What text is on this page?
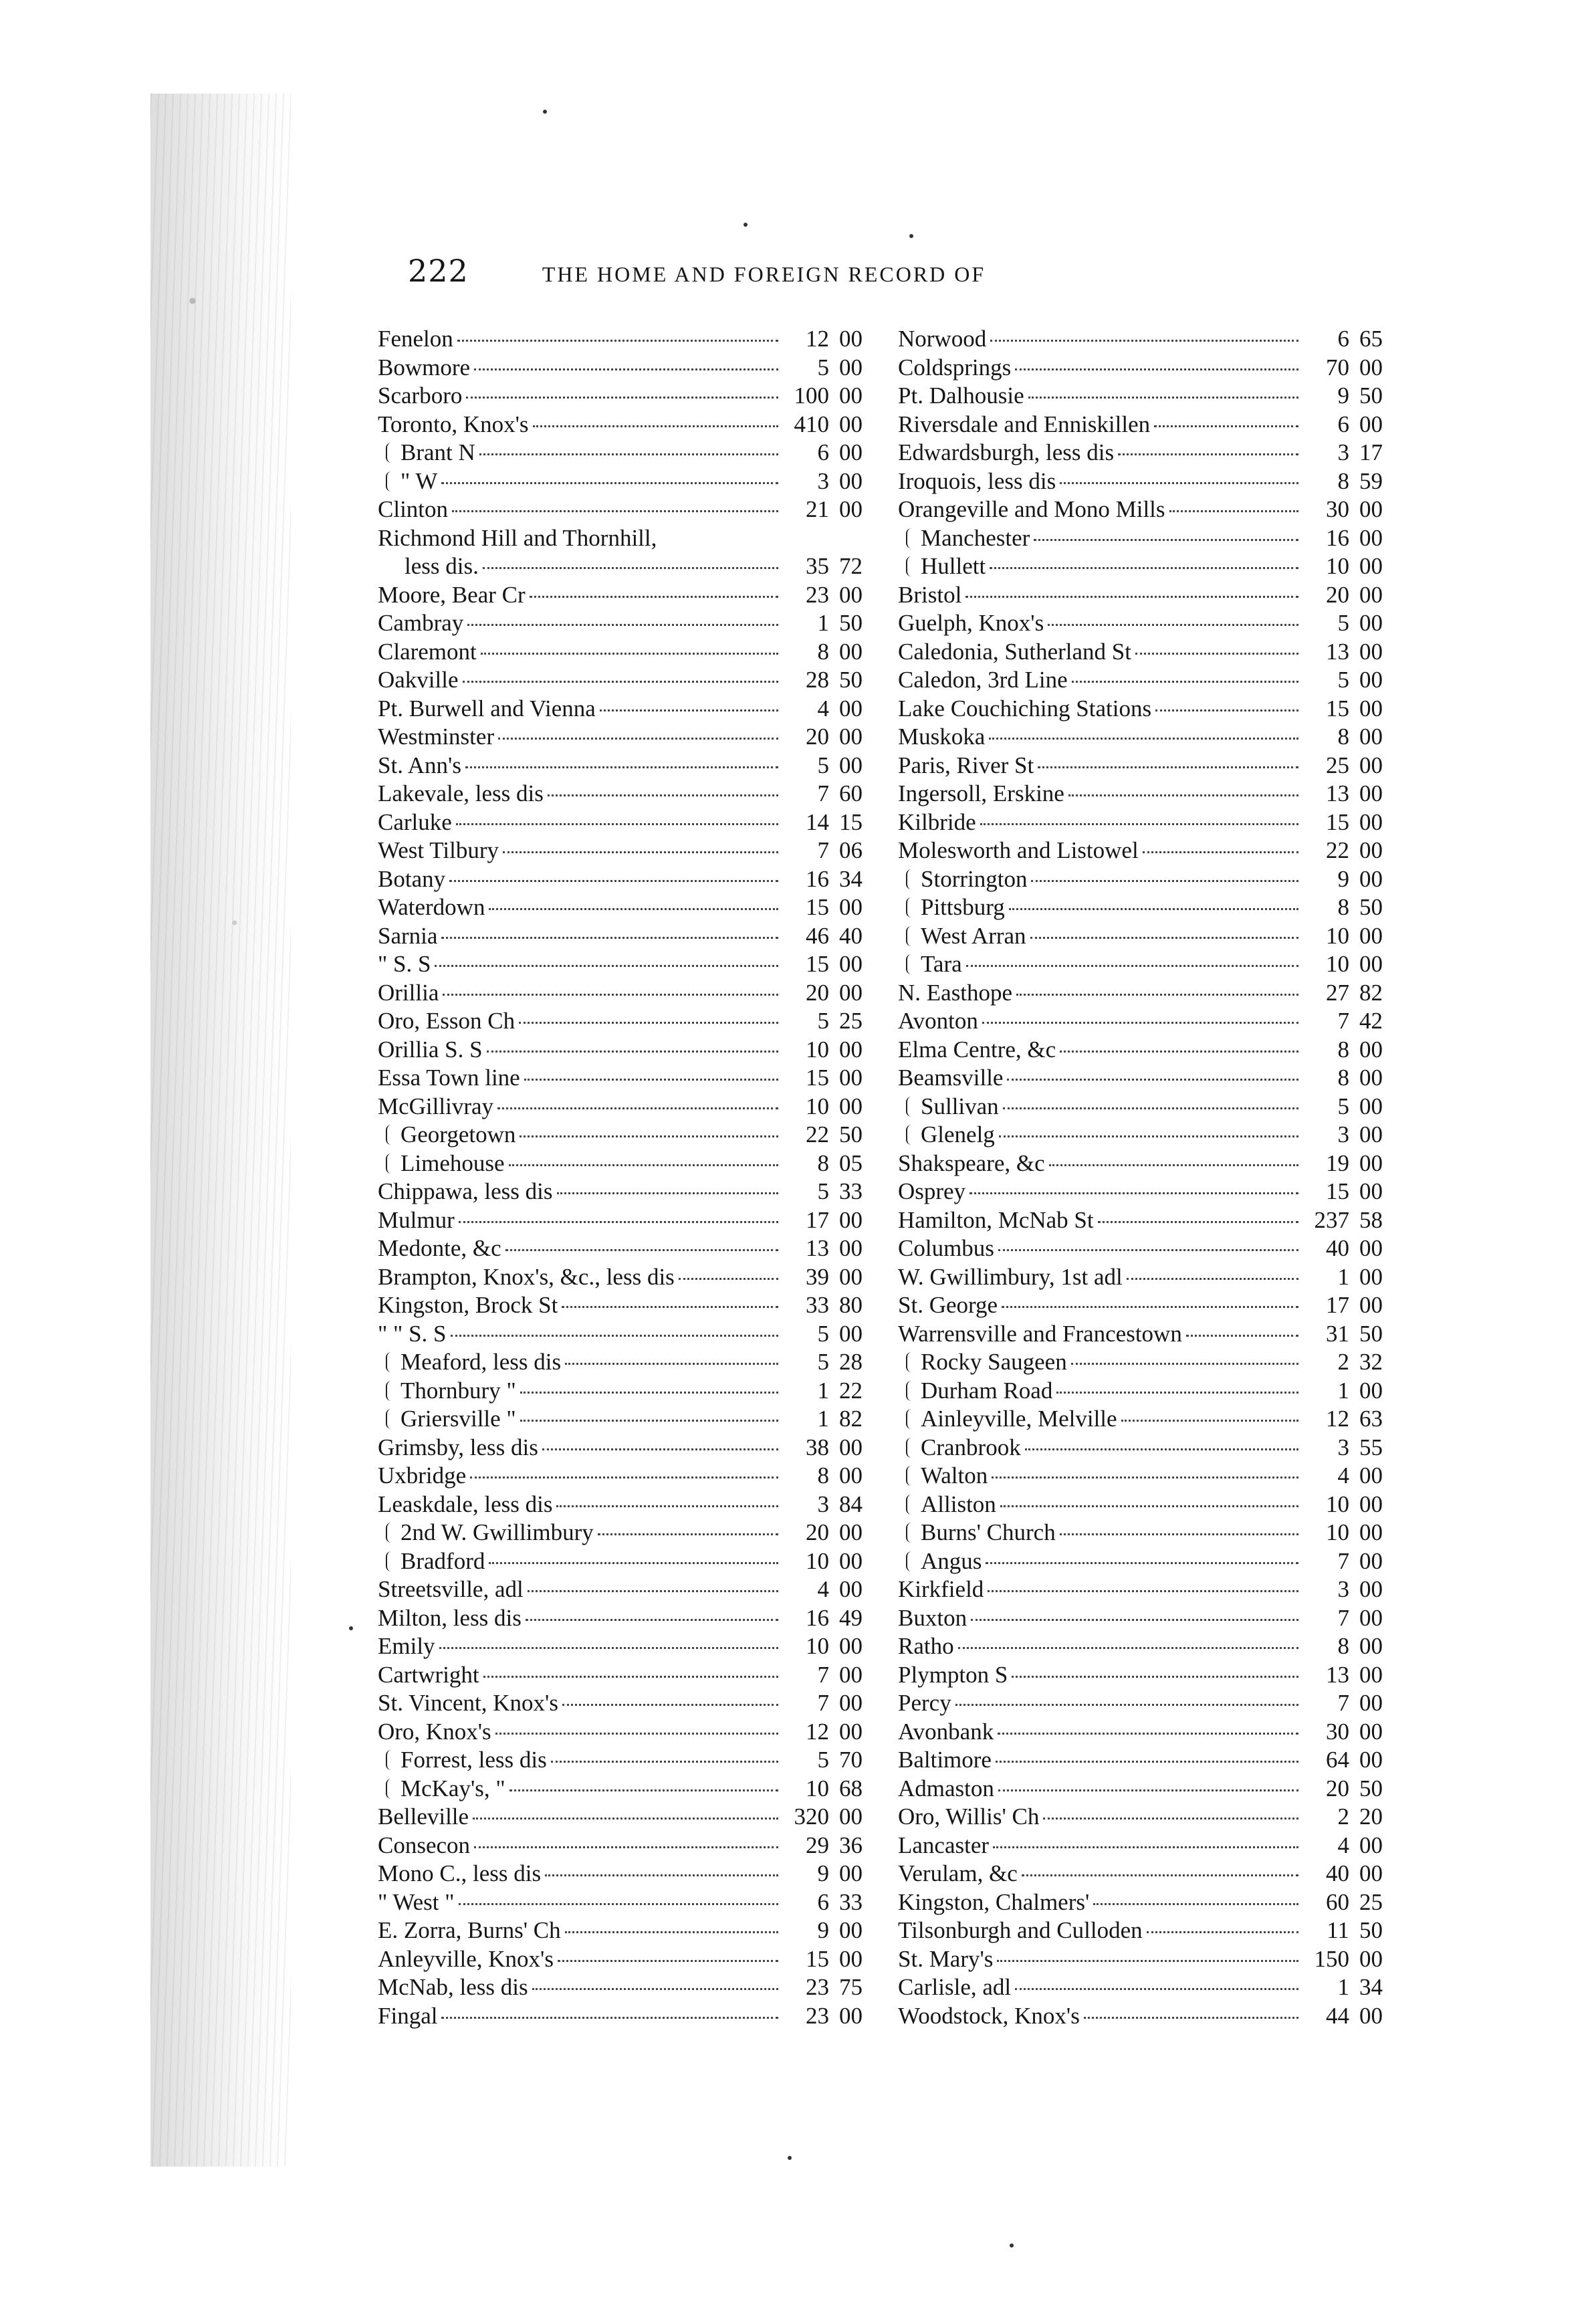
222	THE HOME AND FOREIGN RECORD OF
Fenelon	12 00
Bowmore	5 00
Scarboro	100 00
Toronto, Knox's	410 00
Brant N	6 00
" W	3 00
Clinton	21 00
Richmond Hill and Thornhill,
less dis.	35 72
Moore, Bear Cr	23 00
Cambray	1 50
Claremont	8 00
Oakville	28 50
Pt. Burwell and Vienna	4 00
Westminster	20 00
St. Ann's	5 00
Lakevale, less dis	7 60
Carluke	14 15
West Tilbury	7 06
Botany	16 34
Waterdown	15 00
Sarnia	46 40
" S. S	15 00
Orillia	20 00
Oro, Esson Ch	5 25
Orillia S. S	10 00
Essa Town line	15 00
McGillivray	10 00
Georgetown	22 50
Limehouse	8 05
Chippawa, less dis	5 33
Mulmur	17 00
Medonte, &c	13 00
Brampton, Knox's, &c., less dis	39 00
Kingston, Brock St	33 80
" " S. S	5 00
Meaford, less dis	5 28
Thornbury "	1 22
Griersville "	1 82
Grimsby, less dis	38 00
Uxbridge	8 00
Leaskdale, less dis	3 84
2nd W. Gwillimbury	20 00
Bradford	10 00
Streetsville, adl	4 00
Milton, less dis	16 49
Emily	10 00
Cartwright	7 00
St. Vincent, Knox's	7 00
Oro, Knox's	12 00
Forrest, less dis	5 70
McKay's, "	10 68
Belleville	320 00
Consecon	29 36
Mono C., less dis	9 00
" West "	6 33
E. Zorra, Burns' Ch	9 00
Anleyville, Knox's	15 00
McNab, less dis	23 75
Fingal	23 00
Norwood	6 65
Coldsprings	70 00
Pt. Dalhousie	9 50
Riversdale and Enniskillen	6 00
Edwardsburgh, less dis	3 17
Iroquois, less dis	8 59
Orangeville and Mono Mills	30 00
Manchester	16 00
Hullett	10 00
Bristol	20 00
Guelph, Knox's	5 00
Caledonia, Sutherland St	13 00
Caledon, 3rd Line	5 00
Lake Couchiching Stations	15 00
Muskoka	8 00
Paris, River St	25 00
Ingersoll, Erskine	13 00
Kilbride	15 00
Molesworth and Listowel	22 00
Storrington	9 00
Pittsburg	8 50
West Arran	10 00
Tara	10 00
N. Easthope	27 82
Avonton	7 42
Elma Centre, &c	8 00
Beamsville	8 00
Sullivan	5 00
Glenelg	3 00
Shakspeare, &c	19 00
Osprey	15 00
Hamilton, McNab St	237 58
Columbus	40 00
W. Gwillimbury, 1st adl	1 00
St. George	17 00
Warrensville and Francestown	31 50
Rocky Saugeen	2 32
Durham Road	1 00
Ainleyville, Melville	12 63
Cranbrook	3 55
Walton	4 00
Alliston	10 00
Burns' Church	10 00
Angus	7 00
Kirkfield	3 00
Buxton	7 00
Ratho	8 00
Plympton S	13 00
Percy	7 00
Avonbank	30 00
Baltimore	64 00
Admaston	20 50
Oro, Willis' Ch	2 20
Lancaster	4 00
Verulam, &c	40 00
Kingston, Chalmers'	60 25
Tilsonburgh and Culloden	11 50
St. Mary's	150 00
Carlisle, adl	1 34
Woodstock, Knox's	44 00
